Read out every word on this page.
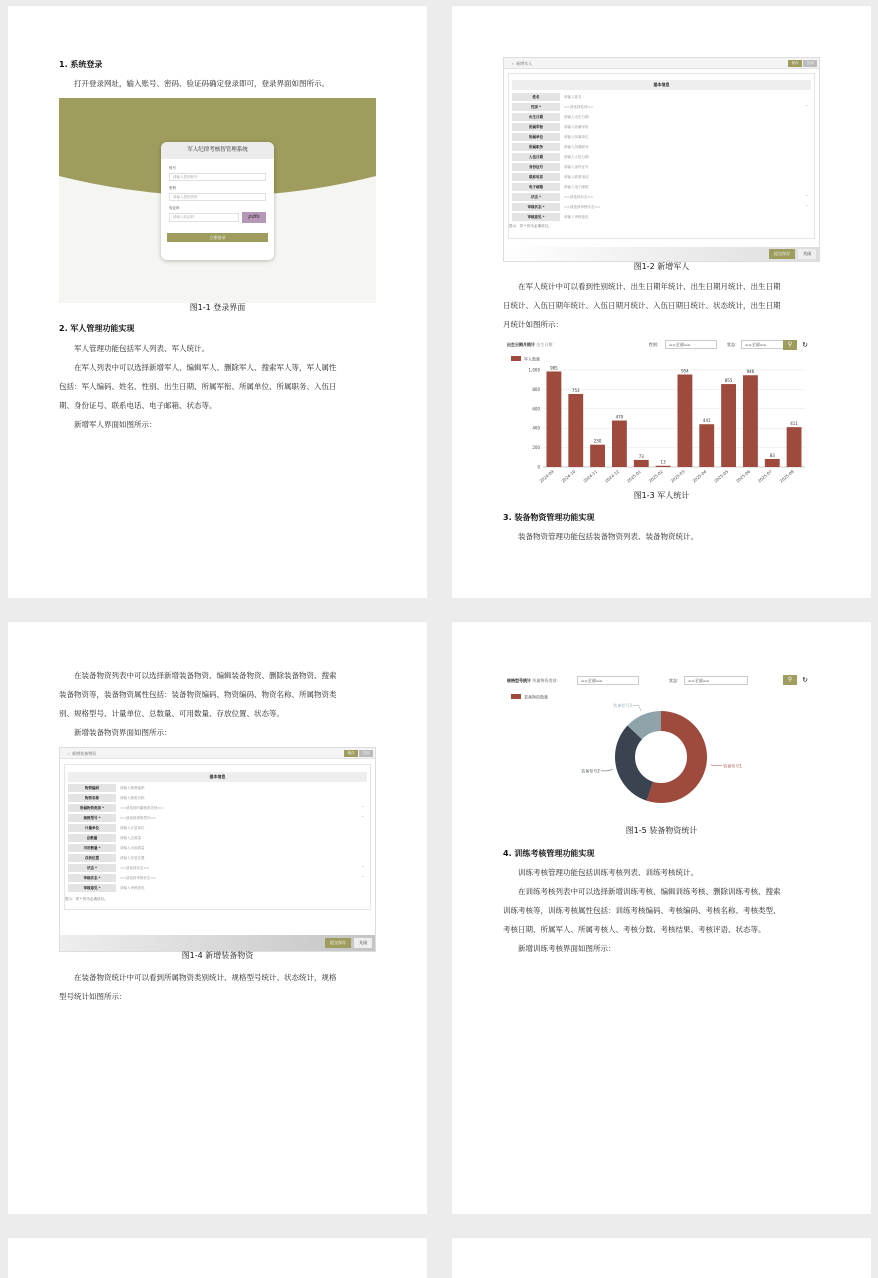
1. 系统登录
打开登录网址，输入账号、密码、验证码确定登录即可，登录界面如图所示。
军人纪律考核智管理系统
账号
请输入您的账号
密码
请输入您的密码
验证码
请输入验证码	pdfo
立即登录
图1-1 登录界面
2. 军人管理功能实现
军人管理功能包括军人列表、军人统计。
在军人列表中可以选择新增军人、编辑军人、删除军人、搜索军人等，军人属性
包括：军人编码、姓名、性别、出生日期、所属军衔、所属单位、所属职务、入伍日
期、身份证号、联系电话、电子邮箱、状态等。
新增军人界面如图所示：
‹ 新增军人	保存	关闭
基本信息
姓名	请输入姓名
性别 *	==请选择性别== ⌄
出生日期	请输入出生日期
所属军衔	请输入所属军衔
所属单位	请输入所属单位
所属职务	请输入所属职务
入伍日期	请输入入伍日期
身份证号	请输入身份证号
联系电话	请输入联系电话
电子邮箱	请输入电子邮箱
状态 *	==请选择状态== ⌄
审核状态 *	==请选择审核状态== ⌄
审核意见 *	请输入审核意见
提示：带 * 的为必填项目。
提交保存	关闭
图1-2 新增军人
在军人统计中可以看到性别统计、出生日期年统计、出生日期月统计、出生日期
日统计、入伍日期年统计、入伍日期月统计、入伍日期日统计、状态统计，出生日期
月统计如图所示：
出生日期月统计 出生日期：	性别：	==全部==	状态：	==全部==	⚲	↻
军人数量
0
200
400
600
800
1,000	985
2024-09
753
2024-10
230
2024-11
479
2024-12
73
2025-01
13
2025-02
954
2025-03
441
2025-04
855
2025-05
946
2025-06
83
2025-07
411
2025-08
图1-3 军人统计
3. 装备物资管理功能实现
装备物资管理功能包括装备物资列表、装备物资统计。
在装备物资列表中可以选择新增装备物资、编辑装备物资、删除装备物资、搜索
装备物资等，装备物资属性包括：装备物资编码、物资编码、物资名称、所属物资类
别、规格型号、计量单位、总数量、可用数量、存放位置、状态等。
新增装备物资界面如图所示：
‹ 新增装备物资	保存	关闭
基本信息
物资编码	请输入物资编码
物资名称	请输入物资名称
所属物资类别 *	==请选择所属物资类别== ⌄
规格型号 *	==请选择规格型号== ⌄
计量单位	请输入计量单位
总数量	请输入总数量
可用数量 *	请输入可用数量
存放位置	请输入存放位置
状态 *	==请选择状态== ⌄
审核状态 *	==请选择审核状态== ⌄
审核意见 *	请输入审核意见
提示：带 * 的为必填项目。
提交保存	关闭
图1-4 新增装备物资
在装备物资统计中可以看到所属物资类别统计、规格型号统计、状态统计，规格
型号统计如图所示：
规格型号统计 所属物资类别：	==全部==	状态：	==全部==	⚲	↻
装备物资数量
装备型号1
装备型号2
装备型号3
图1-5 装备物资统计
4. 训练考核管理功能实现
训练考核管理功能包括训练考核列表、训练考核统计。
在训练考核列表中可以选择新增训练考核、编辑训练考核、删除训练考核、搜索
训练考核等，训练考核属性包括：训练考核编码、考核编码、考核名称、考核类型、
考核日期、所属军人、所属考核人、考核分数、考核结果、考核评语、状态等。
新增训练考核界面如图所示：
